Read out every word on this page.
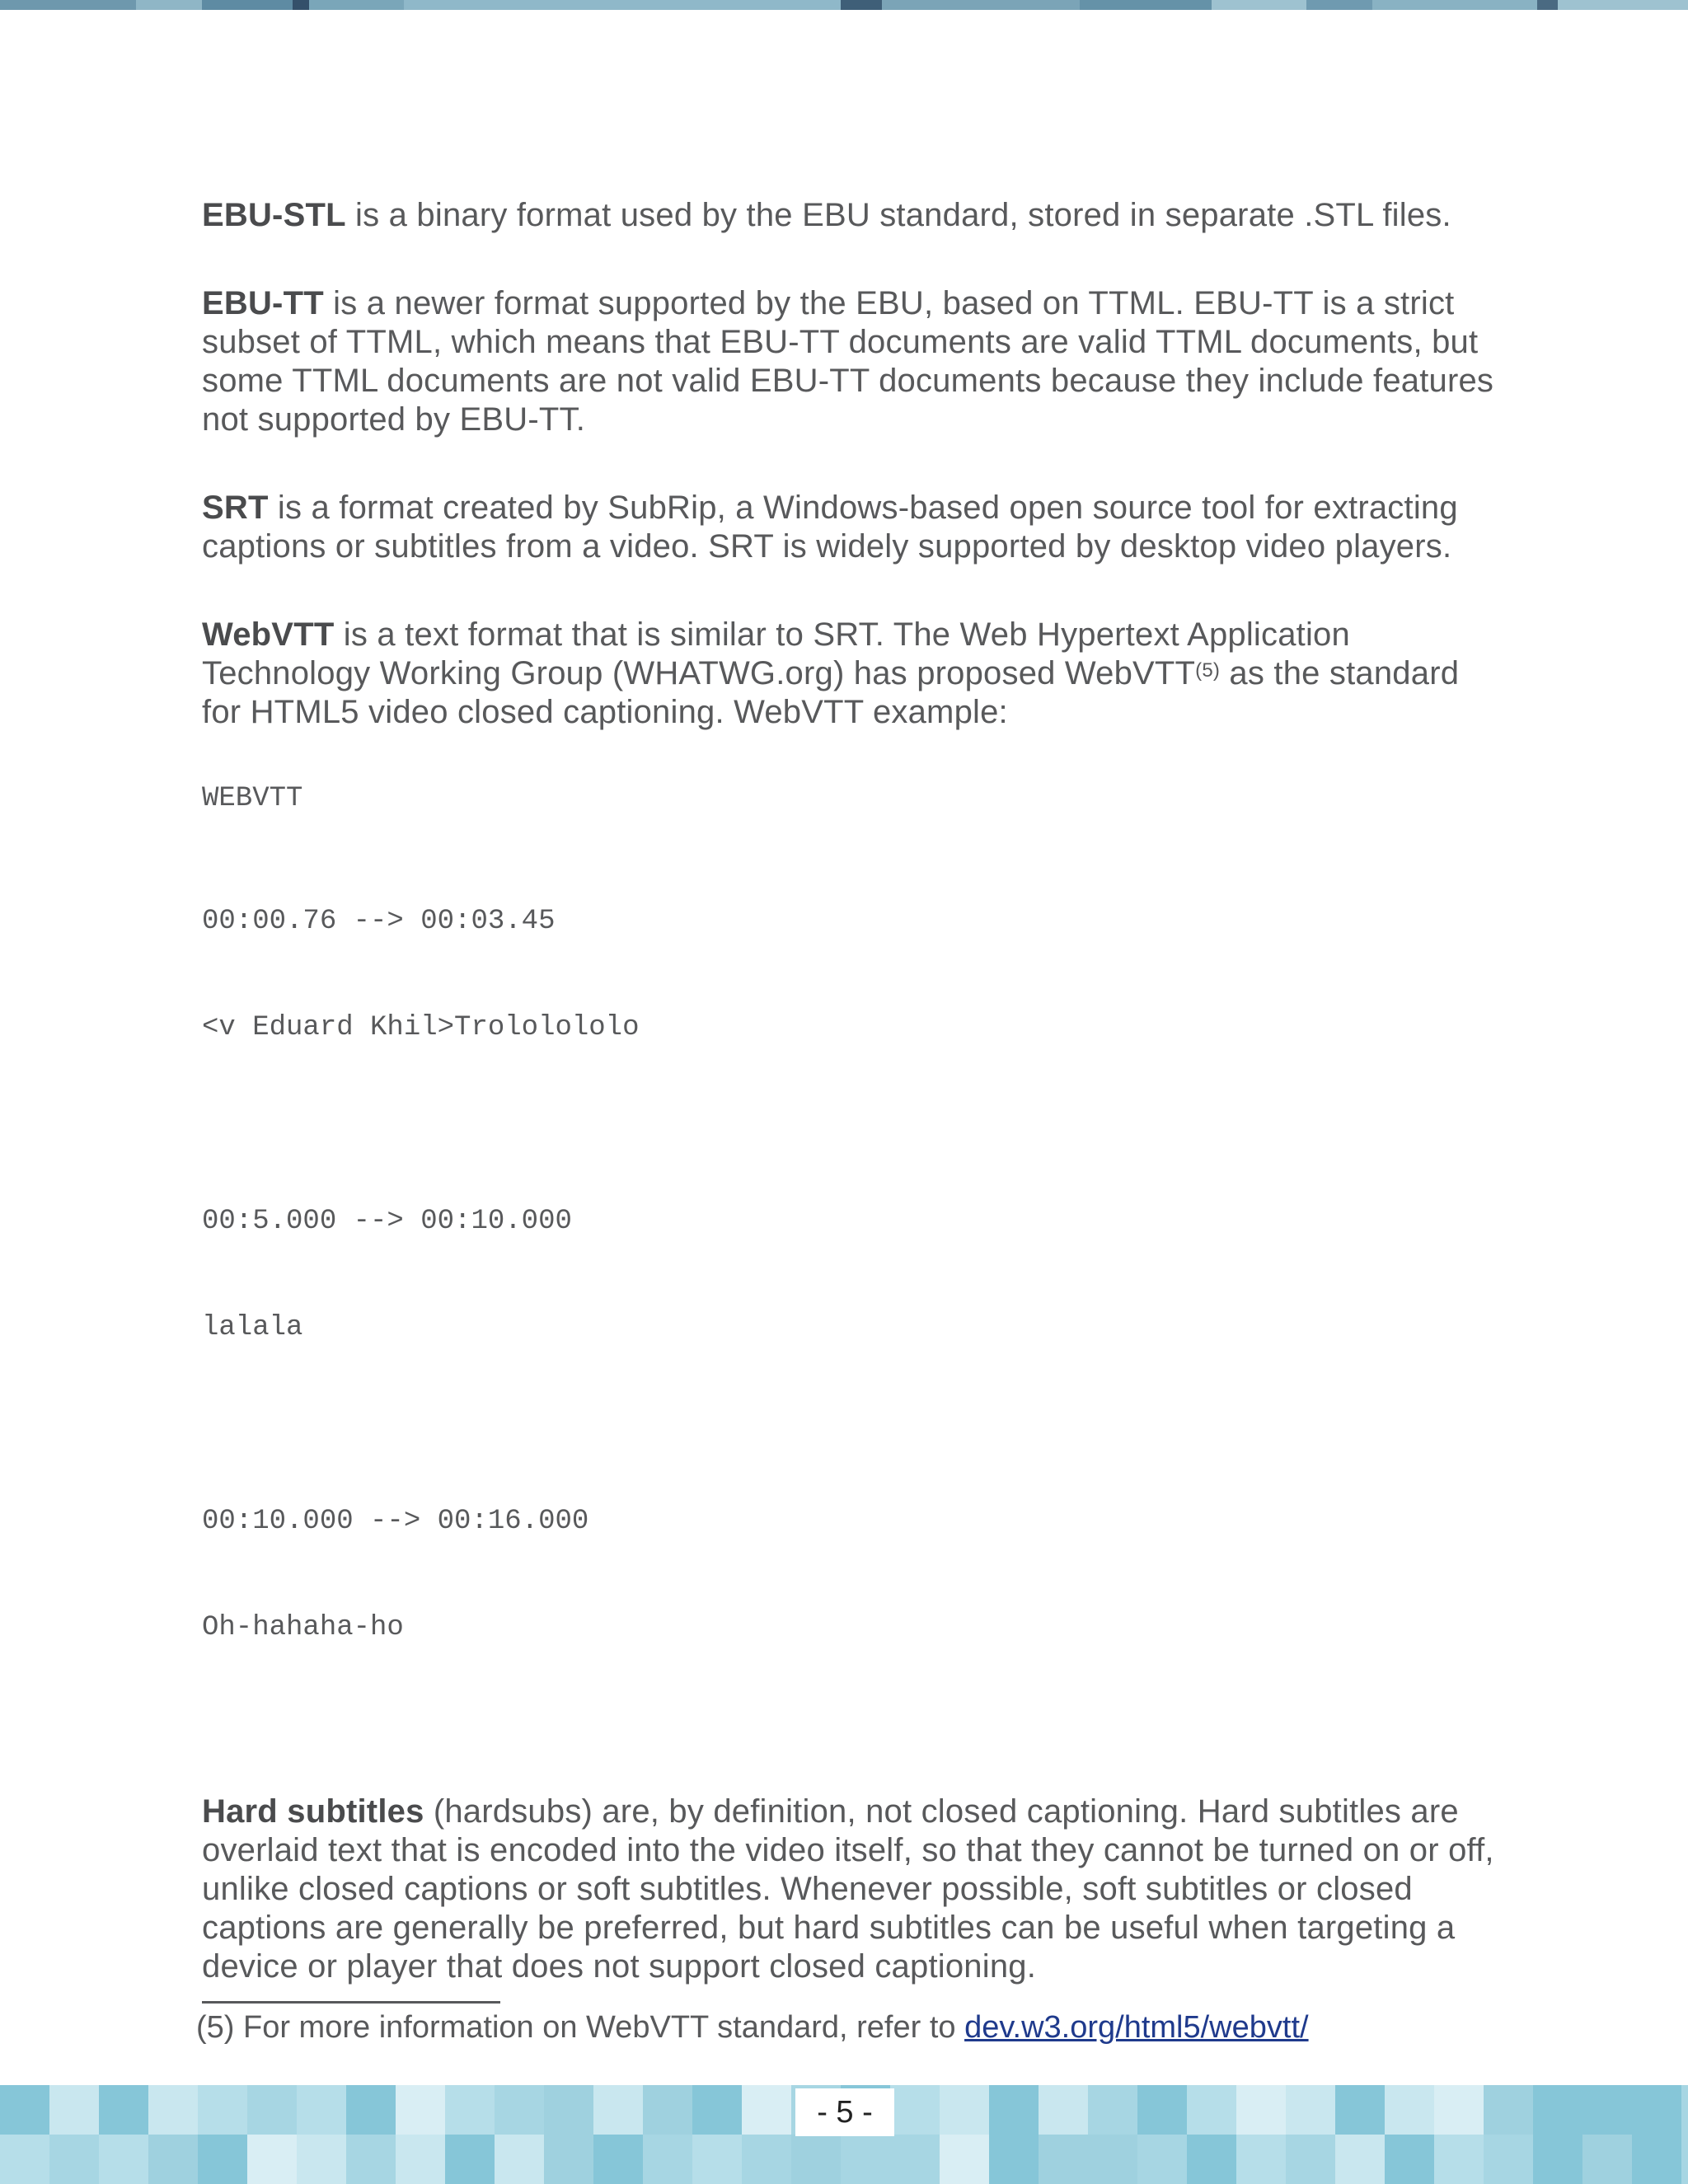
EBU-STL is a binary format used by the EBU standard, stored in separate .STL files.

EBU-TT is a newer format supported by the EBU, based on TTML. EBU-TT is a strict subset of TTML, which means that EBU-TT documents are valid TTML documents, but some TTML documents are not valid EBU-TT documents because they include features not supported by EBU-TT.

SRT is a format created by SubRip, a Windows-based open source tool for extracting captions or subtitles from a video. SRT is widely supported by desktop video players.

WebVTT is a text format that is similar to SRT. The Web Hypertext Application Technology Working Group (WHATWG.org) has proposed WebVTT$^{(5)}$ as the standard for HTML5 video closed captioning. WebVTT example:

WEBVTT

00:00.76 --> 00:03.45

<v Eduard Khil>Trololololo

00:5.000 --> 00:10.000

lalala

00:10.000 --> 00:16.000

Oh-hahaha-ho

Hard subtitles (hardsubs) are, by definition, not closed captioning. Hard subtitles are overlaid text that is encoded into the video itself, so that they cannot be turned on or off, unlike closed captions or soft subtitles. Whenever possible, soft subtitles or closed captions are generally be preferred, but hard subtitles can be useful when targeting a device or player that does not support closed captioning.

(5) For more information on WebVTT standard, refer to dev.w3.org/html5/webvtt/
- 5 -
